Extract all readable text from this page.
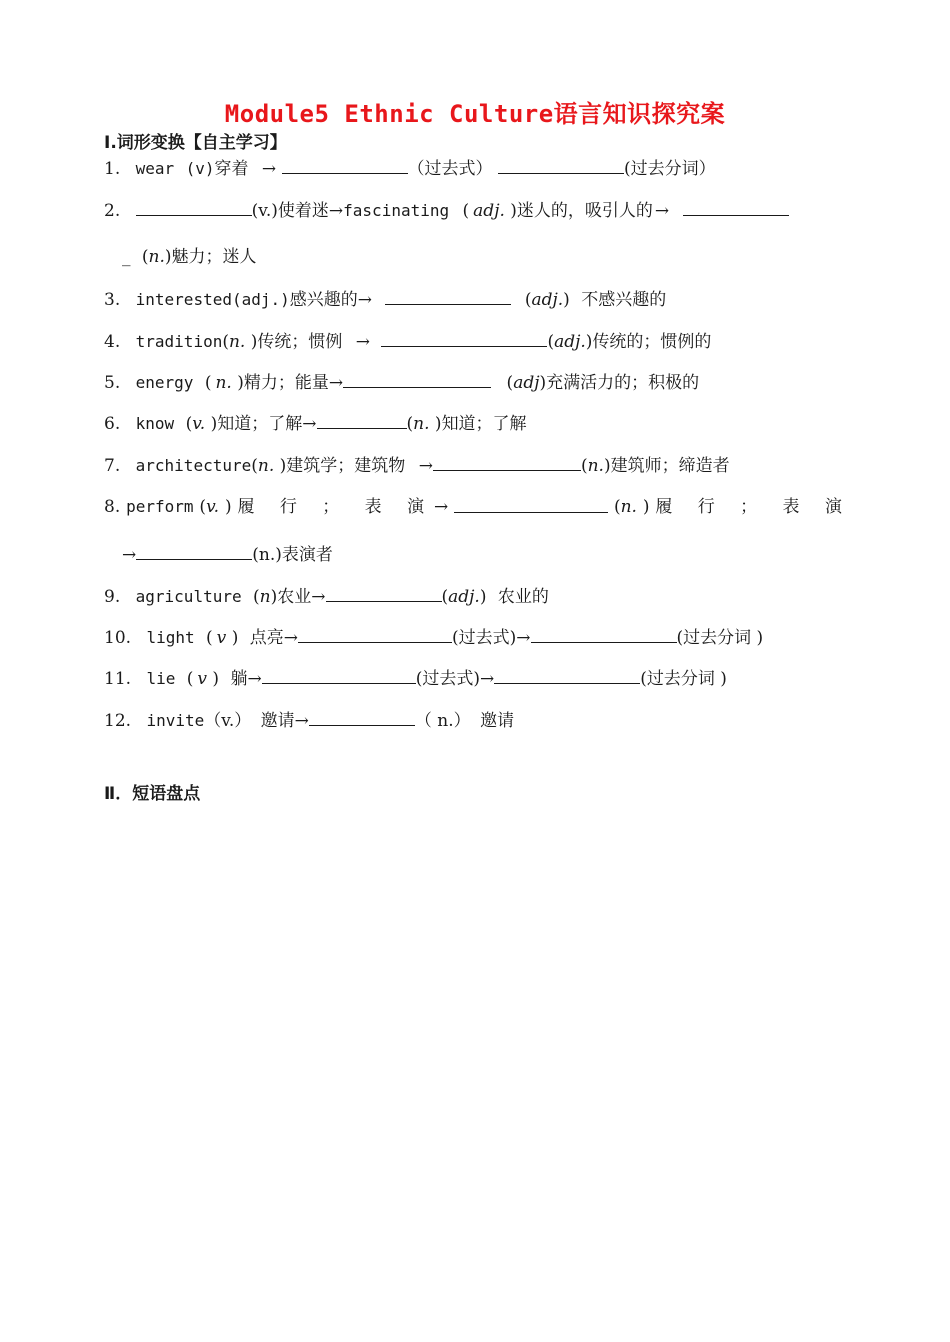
Module5 Ethnic Culture语言知识探究案
Ⅰ.词形变换【自主学习】
1. wear (v)穿着 →	（过去式）	(过去分词）
2.	(v.)使着迷→fascinating ( adj. )迷人的，吸引人的 →
_ (n.)魅力；迷人
3. interested(adj.)感兴趣的→	(adj.) 不感兴趣的
4. tradition(n. )传统；惯例 →	(adj.)传统的；惯例的
5. energy ( n. )精力；能量→	(adj)充满活力的；积极的
6. know (v. )知道；了解→	(n. )知道；了解
7. architecture(n. )建筑学；建筑物 →	(n.)建筑师；缔造者
8. perform (v. ) 履 行 ； 表 演 →	(n. ) 履 行 ； 表 演
→	(n.)表演者
9. agriculture (n)农业→	(adj.) 农业的
10. light ( v ) 点亮→	(过去式)→	(过去分词 )
11. lie ( v ) 躺→	(过去式)→	(过去分词 )
12. invite（v.） 邀请→	（ n.） 邀请
Ⅱ．短语盘点
